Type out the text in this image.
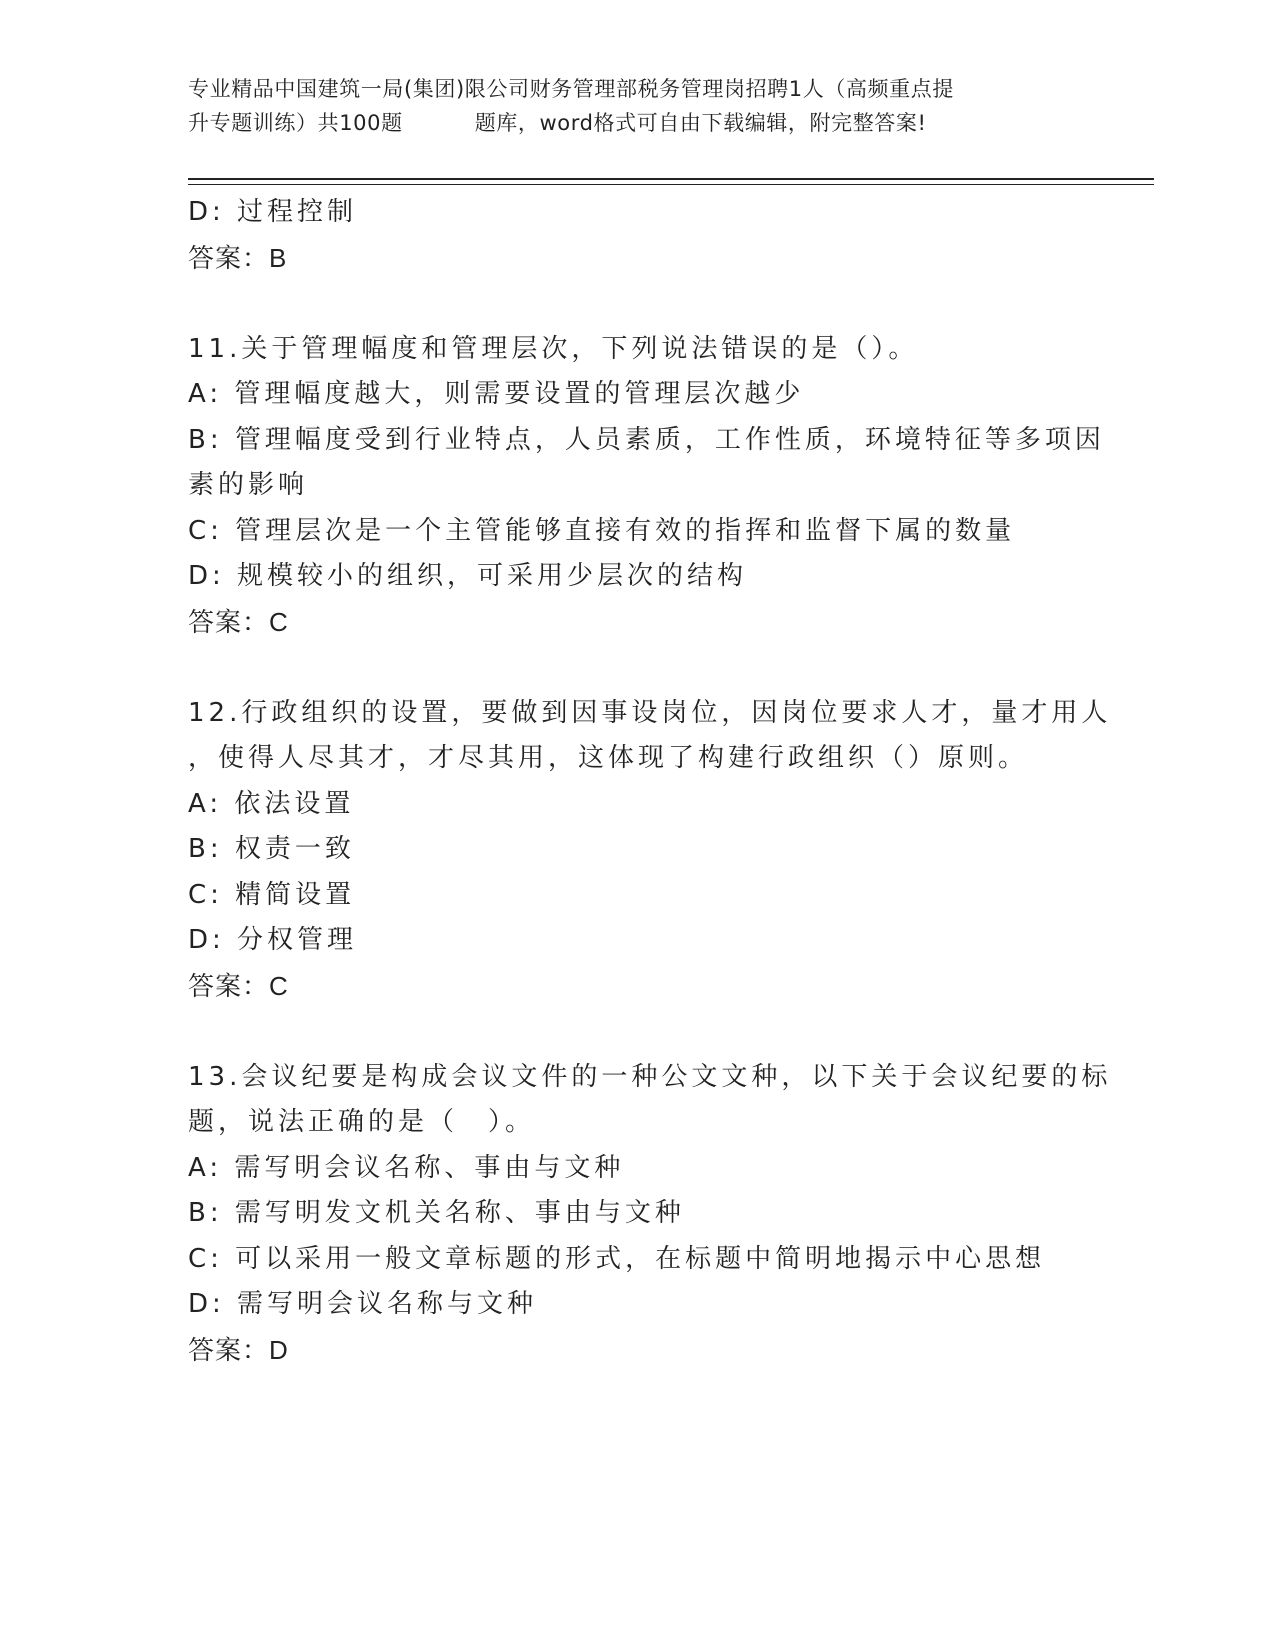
专业精品中国建筑一局(集团)限公司财务管理部税务管理岗招聘1人（高频重点提
升专题训练）共100题	题库，word格式可自由下载编辑，附完整答案!
D: 过程控制
答案：B
11.关于管理幅度和管理层次，下列说法错误的是（）。
A: 管理幅度越大，则需要设置的管理层次越少
B: 管理幅度受到行业特点，人员素质，工作性质，环境特征等多项因
素的影响
C: 管理层次是一个主管能够直接有效的指挥和监督下属的数量
D: 规模较小的组织，可采用少层次的结构
答案：C
12.行政组织的设置，要做到因事设岗位，因岗位要求人才，量才用人
，使得人尽其才，才尽其用，这体现了构建行政组织（）原则。
A: 依法设置
B: 权责一致
C: 精简设置
D: 分权管理
答案：C
13.会议纪要是构成会议文件的一种公文文种，以下关于会议纪要的标
题，说法正确的是（　）。
A: 需写明会议名称、事由与文种
B: 需写明发文机关名称、事由与文种
C: 可以采用一般文章标题的形式，在标题中简明地揭示中心思想
D: 需写明会议名称与文种
答案：D
